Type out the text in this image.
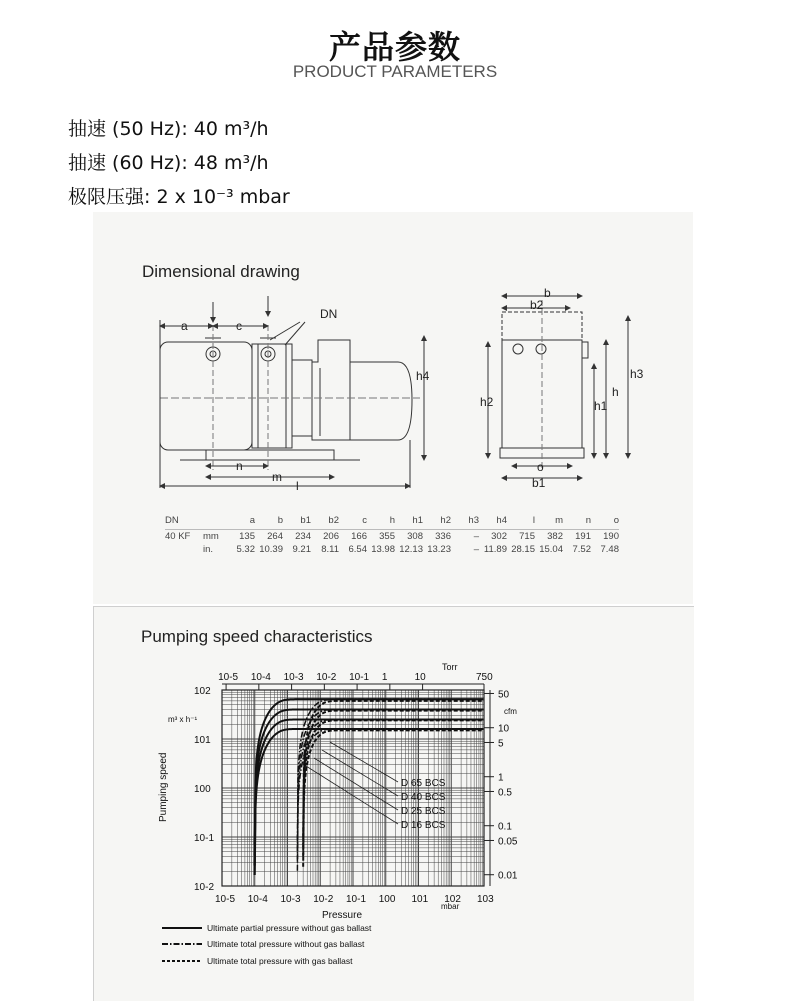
产品参数
PRODUCT PARAMETERS
抽速 (50 Hz): 40 m³/h
抽速 (60 Hz): 48 m³/h
极限压强: 2 x 10⁻³ mbar
Dimensional drawing
a	c
DN
h4
n
m
l
b
b2
h2	h1
h
h3
o
b1
DN		a	b	b1	b2	c	h	h1	h2	h3	h4	l	m	n	o
40 KF	mm	135	264	234	206	166	355	308	336	–	302	715	382	191	190
	in.	5.32	10.39	9.21	8.11	6.54	13.98	12.13	13.23	–	11.89	28.15	15.04	7.52	7.48
Pumping speed characteristics
10-5 10-4 10-3 10-2 10-1 100 101 102 103
10-2
10-1
100
101
102
10-5 10-4 10-3 10-2 10-1 1	10	750
Torr
50
10
5
1
0.5
0.1
0.05
0.01
cfm
Pressure
mbar
m³ x h⁻¹
Pumping speed	D 65 BCS
D 40 BCS
D 25 BCS
D 16 BCS
Ultimate partial pressure without gas ballast
Ultimate total pressure without gas ballast
Ultimate total pressure with gas ballast
